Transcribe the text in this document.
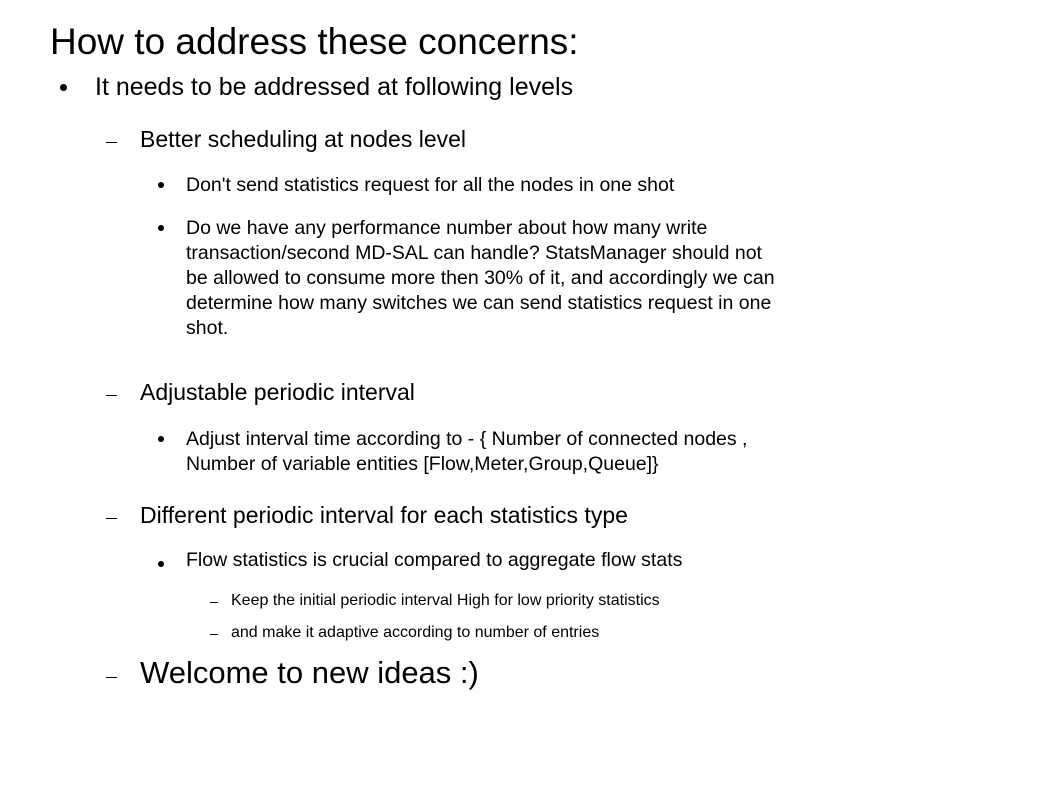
How to address these concerns:
It needs to be addressed at following levels
Better scheduling at nodes level
Don't send statistics request for all the nodes in one shot
Do we have any performance number about how many write
transaction/second MD-SAL can handle? StatsManager should not
be allowed to consume more then 30% of it, and accordingly we can
determine how many switches we can send statistics request in one
shot.
Adjustable periodic interval
Adjust interval time according to - { Number of connected nodes ,
Number of variable entities [Flow,Meter,Group,Queue]}
Different periodic interval for each statistics type
Flow statistics is crucial compared to aggregate flow stats
Keep the initial periodic interval High for low priority statistics
and make it adaptive according to number of entries
Welcome to new ideas :)
